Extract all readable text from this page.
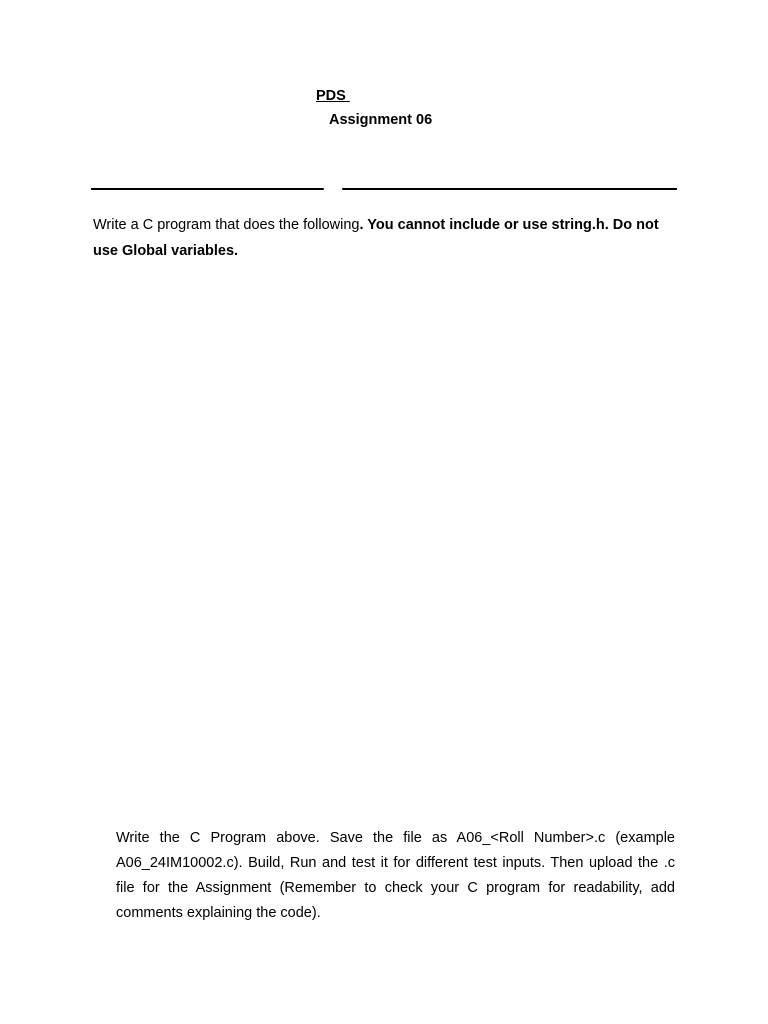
PDS
Assignment 06

Write a C program that does the following. You cannot include or use string.h. Do not use Global variables.

Write the C Program above. Save the file as A06_<Roll Number>.c (example A06_24IM10002.c). Build, Run and test it for different test inputs. Then upload the .c file for the Assignment (Remember to check your C program for readability, add comments explaining the code).
